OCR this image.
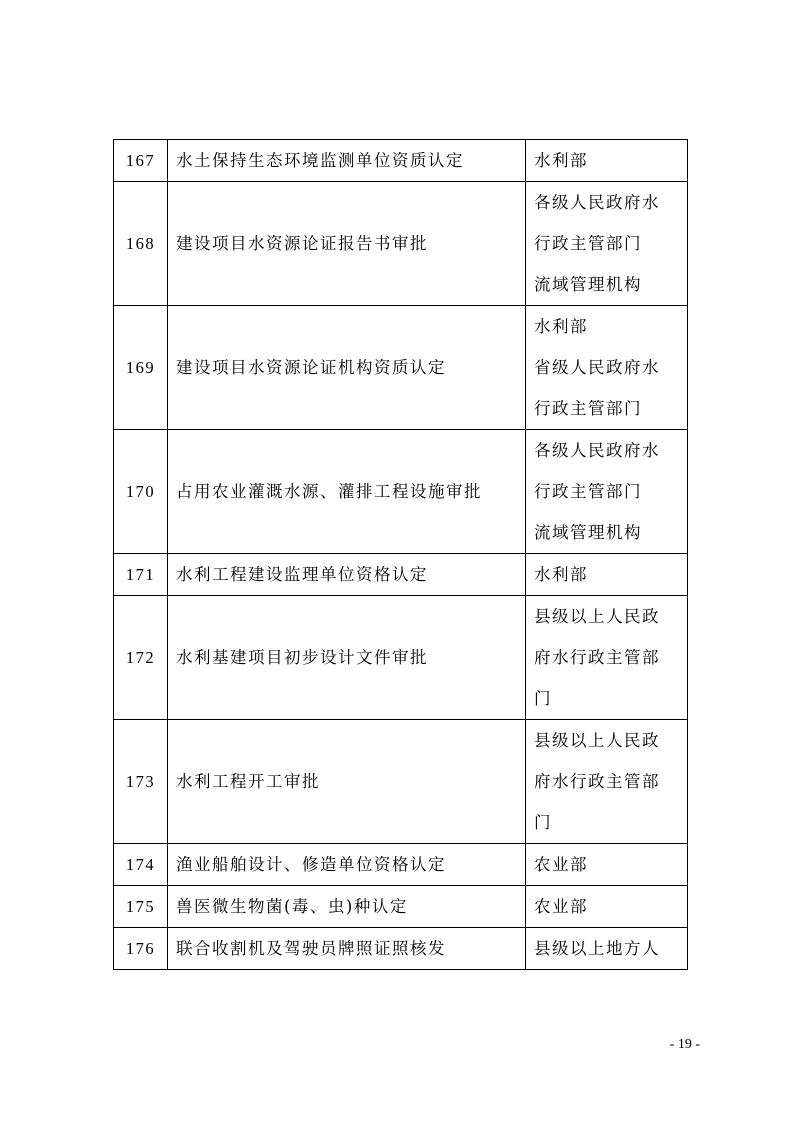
167	水土保持生态环境监测单位资质认定	水利部

168	建设项目水资源论证报告书审批	各级人民政府水
行政主管部门
流域管理机构

169	建设项目水资源论证机构资质认定	水利部
省级人民政府水
行政主管部门

170	占用农业灌溉水源、灌排工程设施审批	各级人民政府水
行政主管部门
流域管理机构

171	水利工程建设监理单位资格认定	水利部

172	水利基建项目初步设计文件审批	县级以上人民政
府水行政主管部
门

173	水利工程开工审批	县级以上人民政
府水行政主管部
门

174	渔业船舶设计、修造单位资格认定	农业部

175	兽医微生物菌(毒、虫)种认定	农业部

176	联合收割机及驾驶员牌照证照核发	县级以上地方人
- 19 -
